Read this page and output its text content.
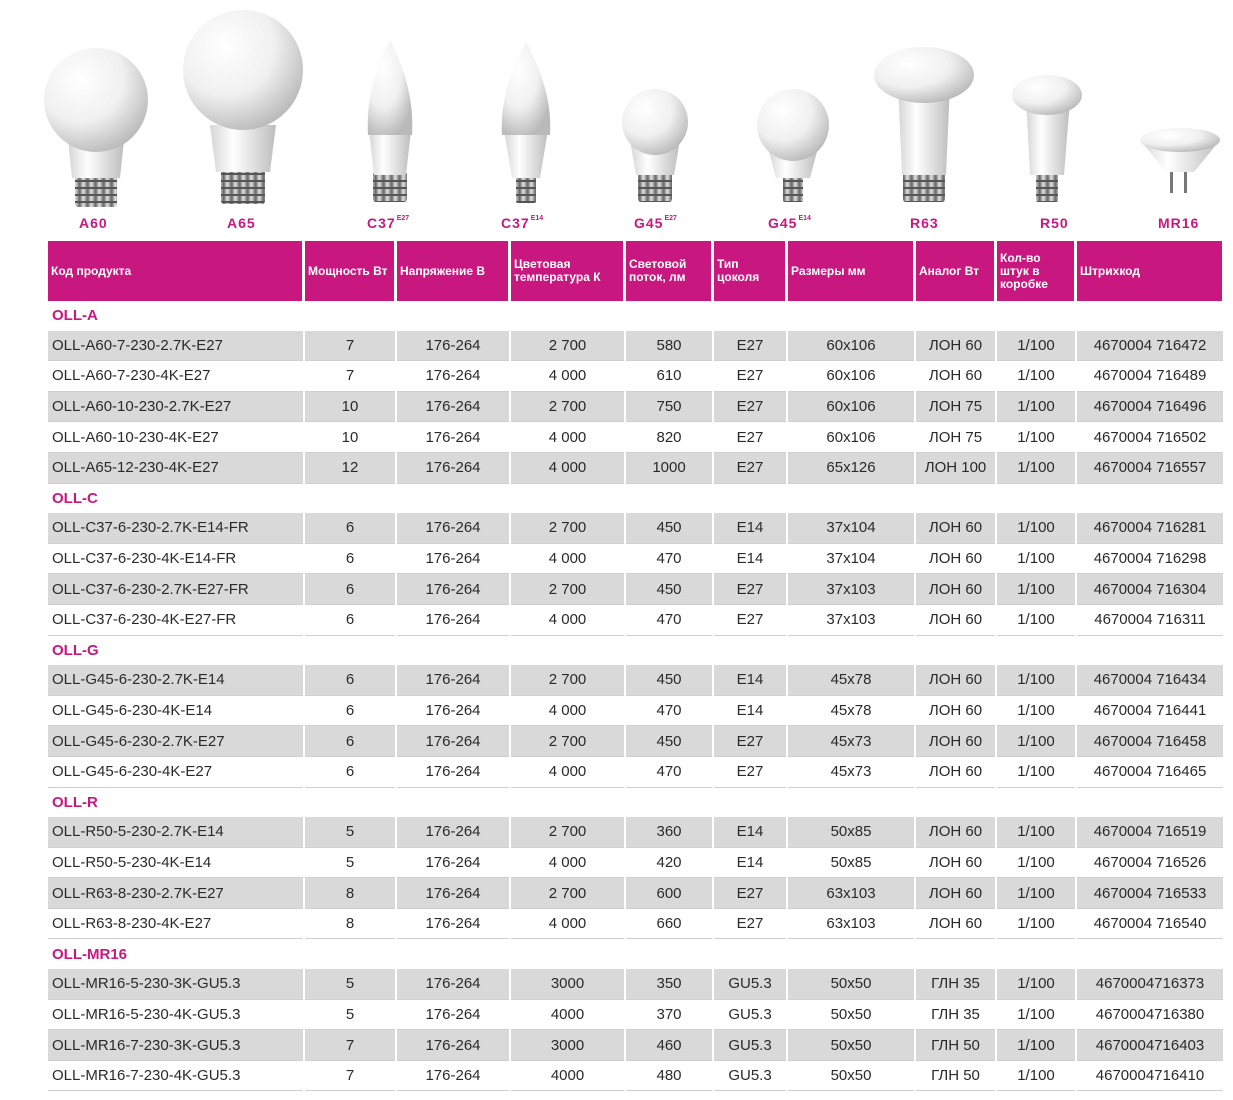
A60	A65	$C37^{E27}$	$C37^{E14}$	$G45^{E27}$	$G45^{E14}$	R63	R50	MR16
Код продукта	Мощность Вт	Напряжение В	Цветовая температура К	Световой поток, лм	Тип цоколя	Размеры мм	Аналог Вт	Кол-во штук в коробке	Штрихкод
OLL-A									
OLL-A60-7-230-2.7K-E27	7	176-264	2 700	580	E27	60x106	ЛОН 60	1/100	4670004 716472
OLL-A60-7-230-4K-E27	7	176-264	4 000	610	E27	60x106	ЛОН 60	1/100	4670004 716489
OLL-A60-10-230-2.7K-E27	10	176-264	2 700	750	E27	60x106	ЛОН 75	1/100	4670004 716496
OLL-A60-10-230-4K-E27	10	176-264	4 000	820	E27	60x106	ЛОН 75	1/100	4670004 716502
OLL-A65-12-230-4K-E27	12	176-264	4 000	1000	E27	65x126	ЛОН 100	1/100	4670004 716557
OLL-C									
OLL-C37-6-230-2.7K-E14-FR	6	176-264	2 700	450	E14	37x104	ЛОН 60	1/100	4670004 716281
OLL-C37-6-230-4K-E14-FR	6	176-264	4 000	470	E14	37x104	ЛОН 60	1/100	4670004 716298
OLL-C37-6-230-2.7K-E27-FR	6	176-264	2 700	450	E27	37x103	ЛОН 60	1/100	4670004 716304
OLL-C37-6-230-4K-E27-FR	6	176-264	4 000	470	E27	37x103	ЛОН 60	1/100	4670004 716311
OLL-G									
OLL-G45-6-230-2.7K-E14	6	176-264	2 700	450	E14	45x78	ЛОН 60	1/100	4670004 716434
OLL-G45-6-230-4K-E14	6	176-264	4 000	470	E14	45x78	ЛОН 60	1/100	4670004 716441
OLL-G45-6-230-2.7K-E27	6	176-264	2 700	450	E27	45x73	ЛОН 60	1/100	4670004 716458
OLL-G45-6-230-4K-E27	6	176-264	4 000	470	E27	45x73	ЛОН 60	1/100	4670004 716465
OLL-R									
OLL-R50-5-230-2.7K-E14	5	176-264	2 700	360	E14	50x85	ЛОН 60	1/100	4670004 716519
OLL-R50-5-230-4K-E14	5	176-264	4 000	420	E14	50x85	ЛОН 60	1/100	4670004 716526
OLL-R63-8-230-2.7K-E27	8	176-264	2 700	600	E27	63x103	ЛОН 60	1/100	4670004 716533
OLL-R63-8-230-4K-E27	8	176-264	4 000	660	E27	63x103	ЛОН 60	1/100	4670004 716540
OLL-MR16									
OLL-MR16-5-230-3K-GU5.3	5	176-264	3000	350	GU5.3	50x50	ГЛН 35	1/100	4670004716373
OLL-MR16-5-230-4K-GU5.3	5	176-264	4000	370	GU5.3	50x50	ГЛН 35	1/100	4670004716380
OLL-MR16-7-230-3K-GU5.3	7	176-264	3000	460	GU5.3	50x50	ГЛН 50	1/100	4670004716403
OLL-MR16-7-230-4K-GU5.3	7	176-264	4000	480	GU5.3	50x50	ГЛН 50	1/100	4670004716410
